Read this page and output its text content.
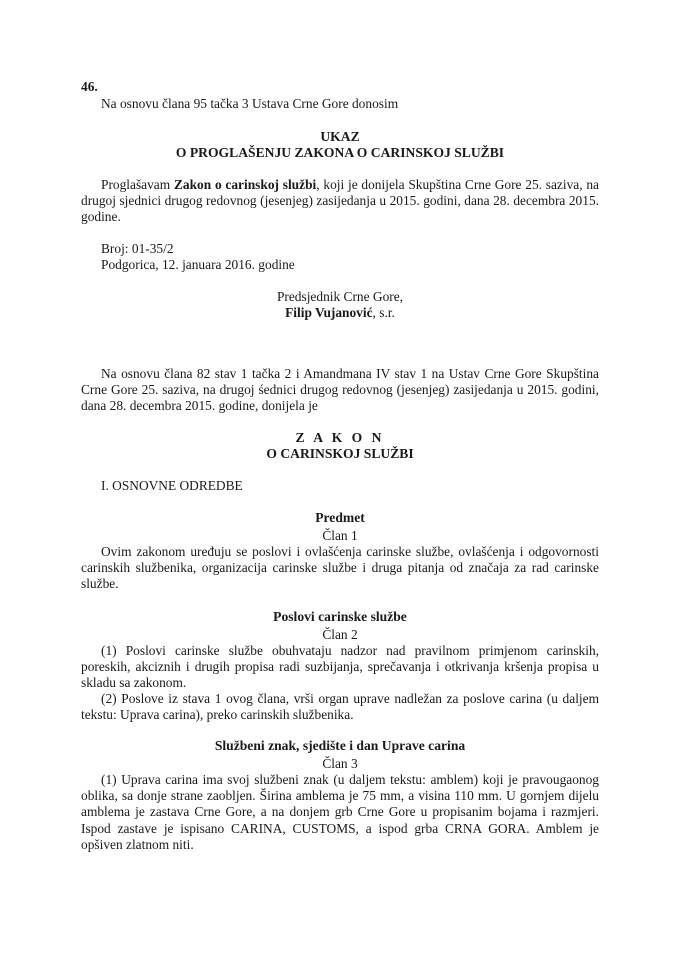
46.
Na osnovu člana 95 tačka 3 Ustava Crne Gore donosim
UKAZ
O PROGLAŠENJU ZAKONA O CARINSKOJ SLUŽBI
Proglašavam Zakon o carinskoj službi, koji je donijela Skupština Crne Gore 25. saziva, na drugoj sjednici drugog redovnog (jesenjeg) zasijedanja u 2015. godini, dana 28. decembra 2015. godine.
Broj: 01-35/2
Podgorica, 12. januara 2016. godine
Predsjednik Crne Gore,
Filip Vujanović, s.r.
Na osnovu člana 82 stav 1 tačka 2 i Amandmana IV stav 1 na Ustav Crne Gore Skupština Crne Gore 25. saziva, na drugoj śednici drugog redovnog (jesenjeg) zasijedanja u 2015. godini, dana 28. decembra 2015. godine, donijela je
Z A K O N
O CARINSKOJ SLUŽBI
I. OSNOVNE ODREDBE
Predmet
Član 1
Ovim zakonom uređuju se poslovi i ovlašćenja carinske službe, ovlašćenja i odgovornosti carinskih službenika, organizacija carinske službe i druga pitanja od značaja za rad carinske službe.
Poslovi carinske službe
Član 2
(1) Poslovi carinske službe obuhvataju nadzor nad pravilnom primjenom carinskih, poreskih, akciznih i drugih propisa radi suzbijanja, sprečavanja i otkrivanja kršenja propisa u skladu sa zakonom.
(2) Poslove iz stava 1 ovog člana, vrši organ uprave nadležan za poslove carina (u daljem tekstu: Uprava carina), preko carinskih službenika.
Službeni znak, sjedište i dan Uprave carina
Član 3
(1) Uprava carina ima svoj službeni znak (u daljem tekstu: amblem) koji je pravougaonog oblika, sa donje strane zaobljen. Širina amblema je 75 mm, a visina 110 mm. U gornjem dijelu amblema je zastava Crne Gore, a na donjem grb Crne Gore u propisanim bojama i razmjeri. Ispod zastave je ispisano CARINA, CUSTOMS, a ispod grba CRNA GORA. Amblem je opšiven zlatnom niti.
